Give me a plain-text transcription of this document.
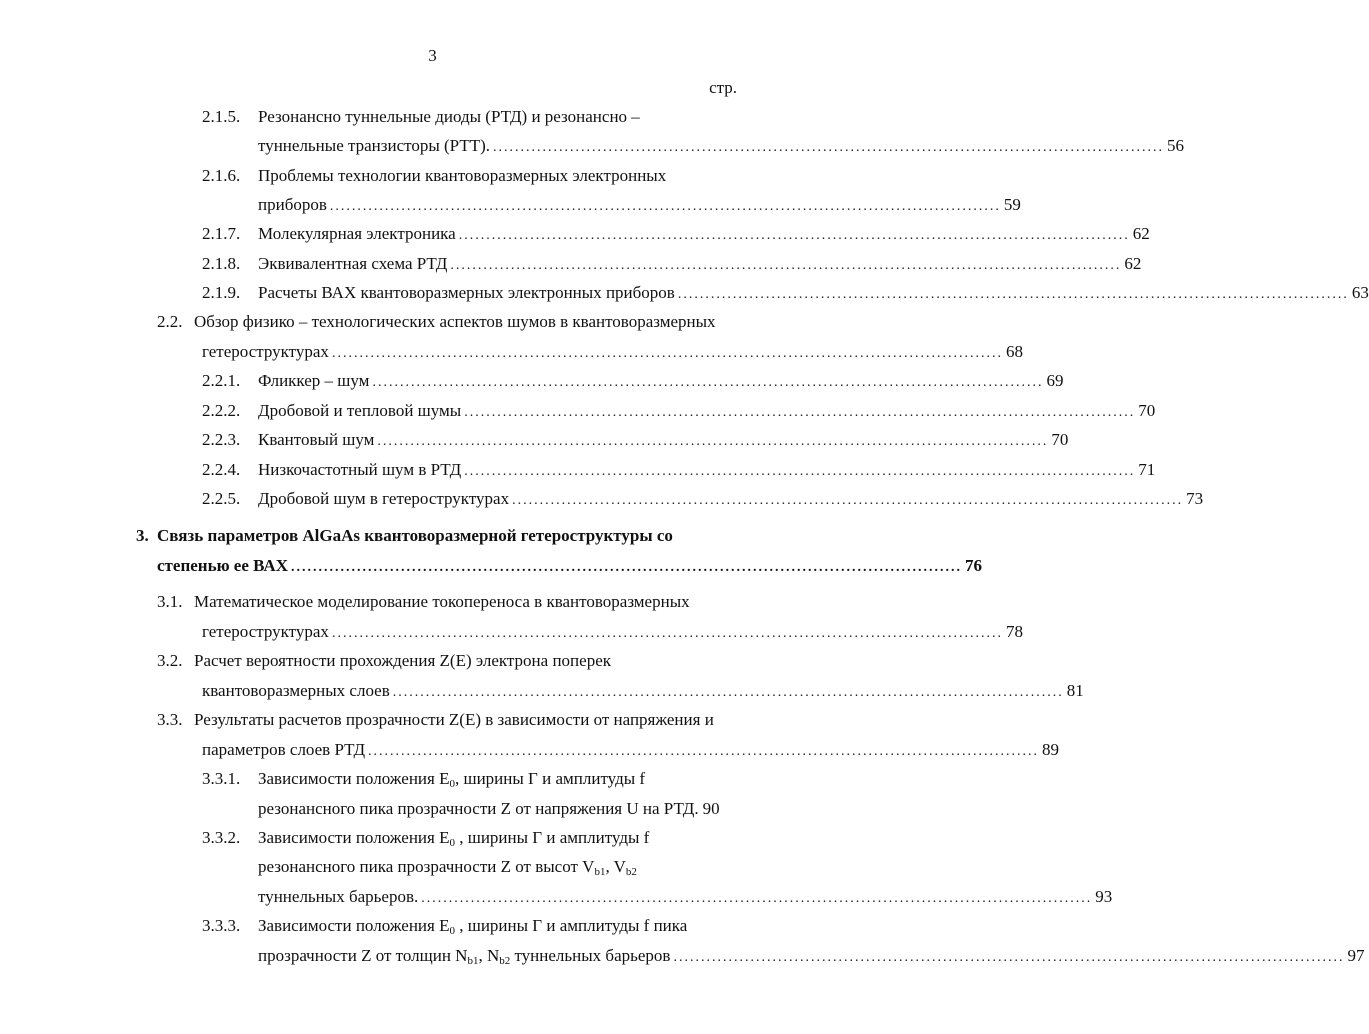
3
стр.
2.1.5. Резонансно туннельные диоды (РТД) и резонансно –
туннельные транзисторы (РТТ). .......................................................................................................................... 56
2.1.6. Проблемы технологии квантоворазмерных электронных
приборов .......................................................................................................................... 59
2.1.7. Молекулярная электроника .......................................................................................................................... 62
2.1.8. Эквивалентная схема РТД .......................................................................................................................... 62
2.1.9. Расчеты ВАХ квантоворазмерных электронных приборов .......................................................................................................................... 63
2.2. Обзор физико – технологических аспектов шумов в квантоворазмерных
гетероструктурах .......................................................................................................................... 68
2.2.1. Фликкер – шум .......................................................................................................................... 69
2.2.2. Дробовой и тепловой шумы .......................................................................................................................... 70
2.2.3. Квантовый шум .......................................................................................................................... 70
2.2.4. Низкочастотный шум в РТД .......................................................................................................................... 71
2.2.5. Дробовой шум в гетероструктурах .......................................................................................................................... 73
3. Связь параметров AlGaAs квантоворазмерной гетероструктуры со
степенью ее ВАХ .......................................................................................................................... 76
3.1. Математическое моделирование токопереноса в квантоворазмерных
гетероструктурах .......................................................................................................................... 78
3.2. Расчет вероятности прохождения Z(E) электрона поперек
квантоворазмерных слоев .......................................................................................................................... 81
3.3. Результаты расчетов прозрачности Z(E) в зависимости от напряжения и
параметров слоев РТД .......................................................................................................................... 89
3.3.1. Зависимости положения $E_0$, ширины Г и амплитуды f
резонансного пика прозрачности Z от напряжения U на РТД. 90
3.3.2. Зависимости положения $E_0$ , ширины Г и амплитуды f
резонансного пика прозрачности Z от высот $V_{b1}$, $V_{b2}$
туннельных барьеров. .......................................................................................................................... 93
3.3.3. Зависимости положения $E_0$ , ширины Г и амплитуды f пика
прозрачности Z от толщин $N_{b1}$, $N_{b2}$ туннельных барьеров .......................................................................................................................... 97
